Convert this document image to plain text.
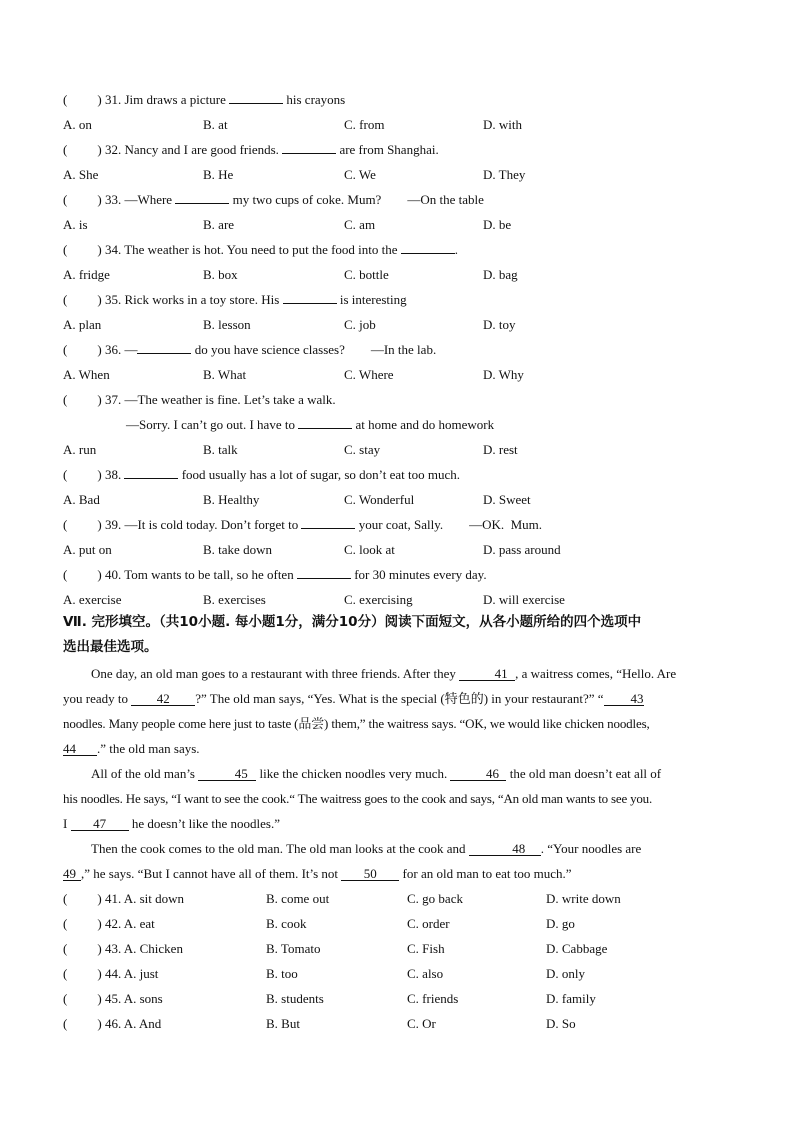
( ) 31. Jim draws a picture	his crayons
A. on	B. at	C. from	D. with
( ) 32. Nancy and I are good friends.	are from Shanghai.
A. She	B. He	C. We	D. They
( ) 33. —Where	my two cups of coke. Mum?        —On the table
A. is	B. are	C. am	D. be
( ) 34. The weather is hot. You need to put the food into the	.
A. fridge	B. box	C. bottle	D. bag
( ) 35. Rick works in a toy store. His	is interesting
A. plan	B. lesson	C. job	D. toy
( ) 36. —	do you have science classes?        —In the lab.
A. When	B. What	C. Where	D. Why
( ) 37. —The weather is fine. Let’s take a walk.
—Sorry. I can’t go out. I have to	at home and do homework
A. run	B. talk	C. stay	D. rest
( ) 38.	food usually has a lot of sugar, so don’t eat too much.
A. Bad	B. Healthy	C. Wonderful	D. Sweet
( ) 39. —It is cold today. Don’t forget to	your coat, Sally.        —OK.  Mum.
A. put on	B. take down	C. look at	D. pass around
( ) 40. Tom wants to be tall, so he often	for 30 minutes every day.
A. exercise	B. exercises	C. exercising	D. will exercise
Ⅶ. 完形填空。（共10小题. 每小题1分，满分10分）阅读下面短文，从各小题所给的四个选项中
选出最佳选项。
One day, an old man goes to a restaurant with three friends. After they	41 , a waitress comes, “Hello. Are
you ready to 42 ?” The old man says, “Yes. What is the special (特色的) in your restaurant?” “ 43
noodles. Many people come here just to taste (品尝) them,” the waitress says. “OK, we would like chicken noodles,
44 .” the old man says.
All of the old man’s	45 like the chicken noodles very much.	46 the old man doesn’t eat all of
his noodles. He says, “I want to see the cook.“ The waitress goes to the cook and says, “An old man wants to see you.
I 47 he doesn’t like the noodles.”
Then the cook comes to the old man. The old man looks at the cook and	48 . “Your noodles are
49 ,” he says. “But I cannot have all of them. It’s not 50 for an old man to eat too much.”
( ) 41. A. sit down	B. come out	C. go back	D. write down
( ) 42. A. eat	B. cook	C. order	D. go
( ) 43. A. Chicken	B. Tomato	C. Fish	D. Cabbage
( ) 44. A. just	B. too	C. also	D. only
( ) 45. A. sons	B. students	C. friends	D. family
( ) 46. A. And	B. But	C. Or	D. So
